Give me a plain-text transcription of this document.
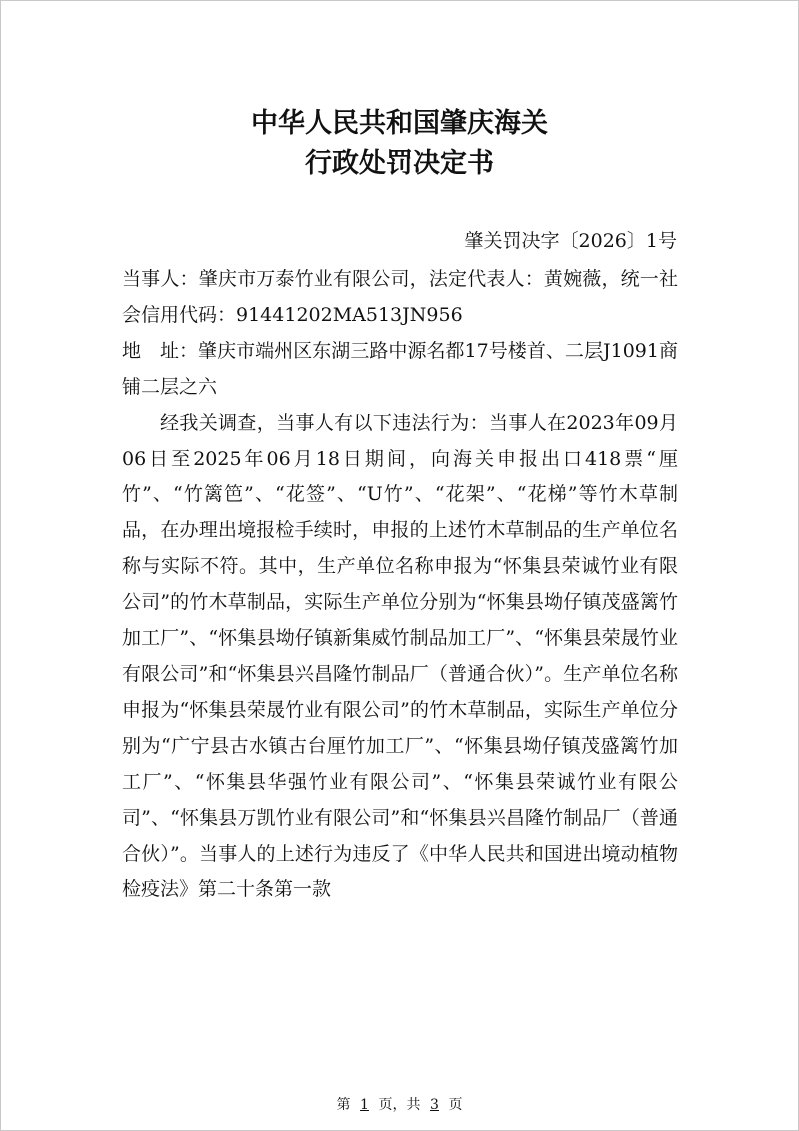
中华人民共和国肇庆海关
行政处罚决定书
肇关罚决字〔2026〕1号

当事人：肇庆市万泰竹业有限公司，法定代表人：黄婉薇，统一社会信用代码：91441202MA513JN956

地　址：肇庆市端州区东湖三路中源名都17号楼首、二层J1091商铺二层之六

经我关调查，当事人有以下违法行为：当事人在2023年09月06日至2025年06月18日期间，向海关申报出口418票“厘竹”、“竹篱笆”、“花签”、“U竹”、“花架”、“花梯”等竹木草制品，在办理出境报检手续时，申报的上述竹木草制品的生产单位名称与实际不符。其中，生产单位名称申报为“怀集县荣诚竹业有限公司”的竹木草制品，实际生产单位分别为“怀集县坳仔镇茂盛篱竹加工厂”、“怀集县坳仔镇新集威竹制品加工厂”、“怀集县荣晟竹业有限公司”和“怀集县兴昌隆竹制品厂（普通合伙）”。生产单位名称申报为“怀集县荣晟竹业有限公司”的竹木草制品，实际生产单位分别为“广宁县古水镇古台厘竹加工厂”、“怀集县坳仔镇茂盛篱竹加工厂”、“怀集县华强竹业有限公司”、“怀集县荣诚竹业有限公司”、“怀集县万凯竹业有限公司”和“怀集县兴昌隆竹制品厂（普通合伙）”。当事人的上述行为违反了《中华人民共和国进出境动植物检疫法》第二十条第一款

第 1 页，共 3 页
